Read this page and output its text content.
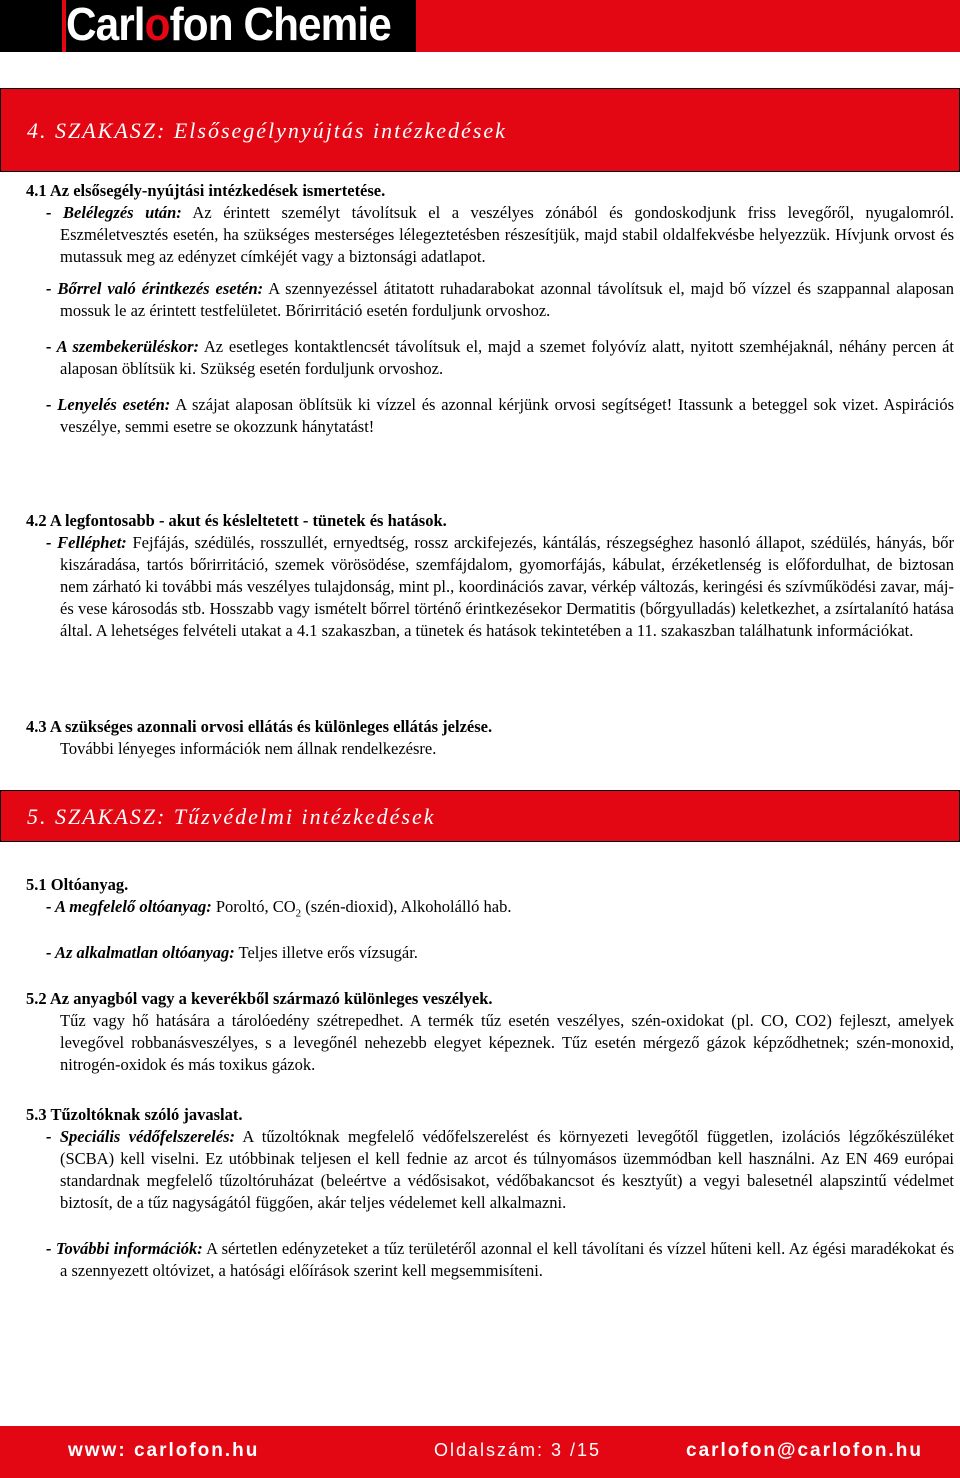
Carlofon Chemie
4. SZAKASZ: Elsősegélynyújtás intézkedések
4.1 Az elsősegély-nyújtási intézkedések ismertetése.
- Belélegzés után: Az érintett személyt távolítsuk el a veszélyes zónából és gondoskodjunk friss levegőről, nyugalomról. Eszméletvesztés esetén, ha szükséges mesterséges lélegeztetésben részesítjük, majd stabil oldalfekvésbe helyezzük. Hívjunk orvost és mutassuk meg az edényzet címkéjét vagy a biztonsági adatlapot.
- Bőrrel való érintkezés esetén: A szennyezéssel átitatott ruhadarabokat azonnal távolítsuk el, majd bő vízzel és szappannal alaposan mossuk le az érintett testfelületet. Bőrirritáció esetén forduljunk orvoshoz.
- A szembekerüléskor: Az esetleges kontaktlencsét távolítsuk el, majd a szemet folyóvíz alatt, nyitott szemhéjaknál, néhány percen át alaposan öblítsük ki. Szükség esetén forduljunk orvoshoz.
- Lenyelés esetén: A szájat alaposan öblítsük ki vízzel és azonnal kérjünk orvosi segítséget! Itassunk a beteggel sok vizet. Aspirációs veszélye, semmi esetre se okozzunk hánytatást!
4.2 A legfontosabb - akut és késleltetett - tünetek és hatások.
- Felléphet: Fejfájás, szédülés, rosszullét, ernyedtség, rossz arckifejezés, kántálás, részegséghez hasonló állapot, szédülés, hányás, bőr kiszáradása, tartós bőrirritáció, szemek vörösödése, szemfájdalom, gyomorfájás, kábulat, érzéketlenség is előfordulhat, de biztosan nem zárható ki további más veszélyes tulajdonság, mint pl., koordinációs zavar, vérkép változás, keringési és szívműködési zavar, máj- és vese károsodás stb. Hosszabb vagy ismételt bőrrel történő érintkezésekor Dermatitis (bőrgyulladás) keletkezhet, a zsírtalanító hatása által. A lehetséges felvételi utakat a 4.1 szakaszban, a tünetek és hatások tekintetében a 11. szakaszban találhatunk információkat.
4.3 A szükséges azonnali orvosi ellátás és különleges ellátás jelzése.
További lényeges információk nem állnak rendelkezésre.
5. SZAKASZ: Tűzvédelmi intézkedések
5.1 Oltóanyag.
- A megfelelő oltóanyag: Poroltó, $CO_2$ (szén-dioxid), Alkoholálló hab.
- Az alkalmatlan oltóanyag: Teljes illetve erős vízsugár.
5.2 Az anyagból vagy a keverékből származó különleges veszélyek.
Tűz vagy hő hatására a tárolóedény szétrepedhet. A termék tűz esetén veszélyes, szén-oxidokat (pl. CO, CO2) fejleszt, amelyek levegővel robbanásveszélyes, s a levegőnél nehezebb elegyet képeznek. Tűz esetén mérgező gázok képződhetnek; szén-monoxid, nitrogén-oxidok és más toxikus gázok.
5.3 Tűzoltóknak szóló javaslat.
- Speciális védőfelszerelés: A tűzoltóknak megfelelő védőfelszerelést és környezeti levegőtől független, izolációs légzőkészüléket (SCBA) kell viselni. Ez utóbbinak teljesen el kell fednie az arcot és túlnyomásos üzemmódban kell használni. Az EN 469 európai standardnak megfelelő tűzoltóruházat (beleértve a védősisakot, védőbakancsot és kesztyűt) a vegyi balesetnél alapszintű védelmet biztosít, de a tűz nagyságától függően, akár teljes védelemet kell alkalmazni.
- További információk: A sértetlen edényzeteket a tűz területéről azonnal el kell távolítani és vízzel hűteni kell. Az égési maradékokat és a szennyezett oltóvizet, a hatósági előírások szerint kell megsemmisíteni.
www: carlofon.hu	Oldalszám: 3 /15	carlofon@carlofon.hu
